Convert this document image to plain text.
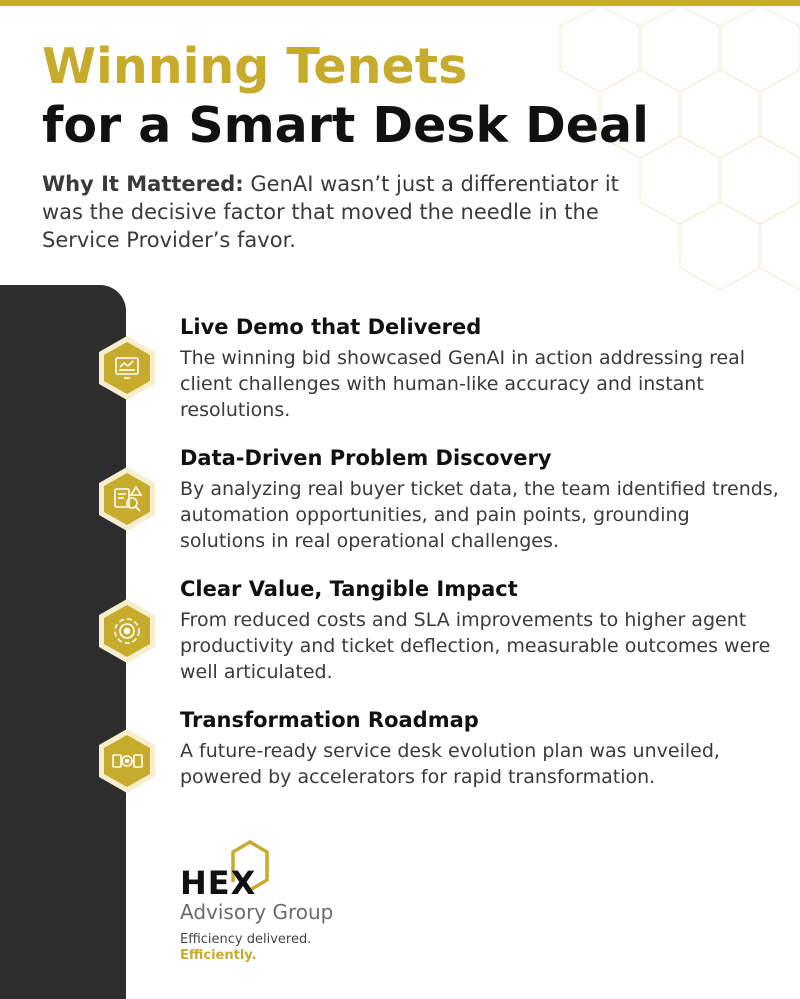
Winning Tenets
for a Smart Desk Deal

Why It Mattered: GenAI wasn’t just a differentiator it was the decisive factor that moved the needle in the Service Provider’s favor.

Live Demo that Delivered

The winning bid showcased GenAI in action addressing real client challenges with human-like accuracy and instant resolutions.

Data-Driven Problem Discovery

By analyzing real buyer ticket data, the team identified trends, automation opportunities, and pain points, grounding solutions in real operational challenges.

Clear Value, Tangible Impact

From reduced costs and SLA improvements to higher agent productivity and ticket deflection, measurable outcomes were well articulated.

Transformation Roadmap

A future-ready service desk evolution plan was unveiled, powered by accelerators for rapid transformation.

HEX
Advisory Group
Efficiency delivered.
Efficiently.
